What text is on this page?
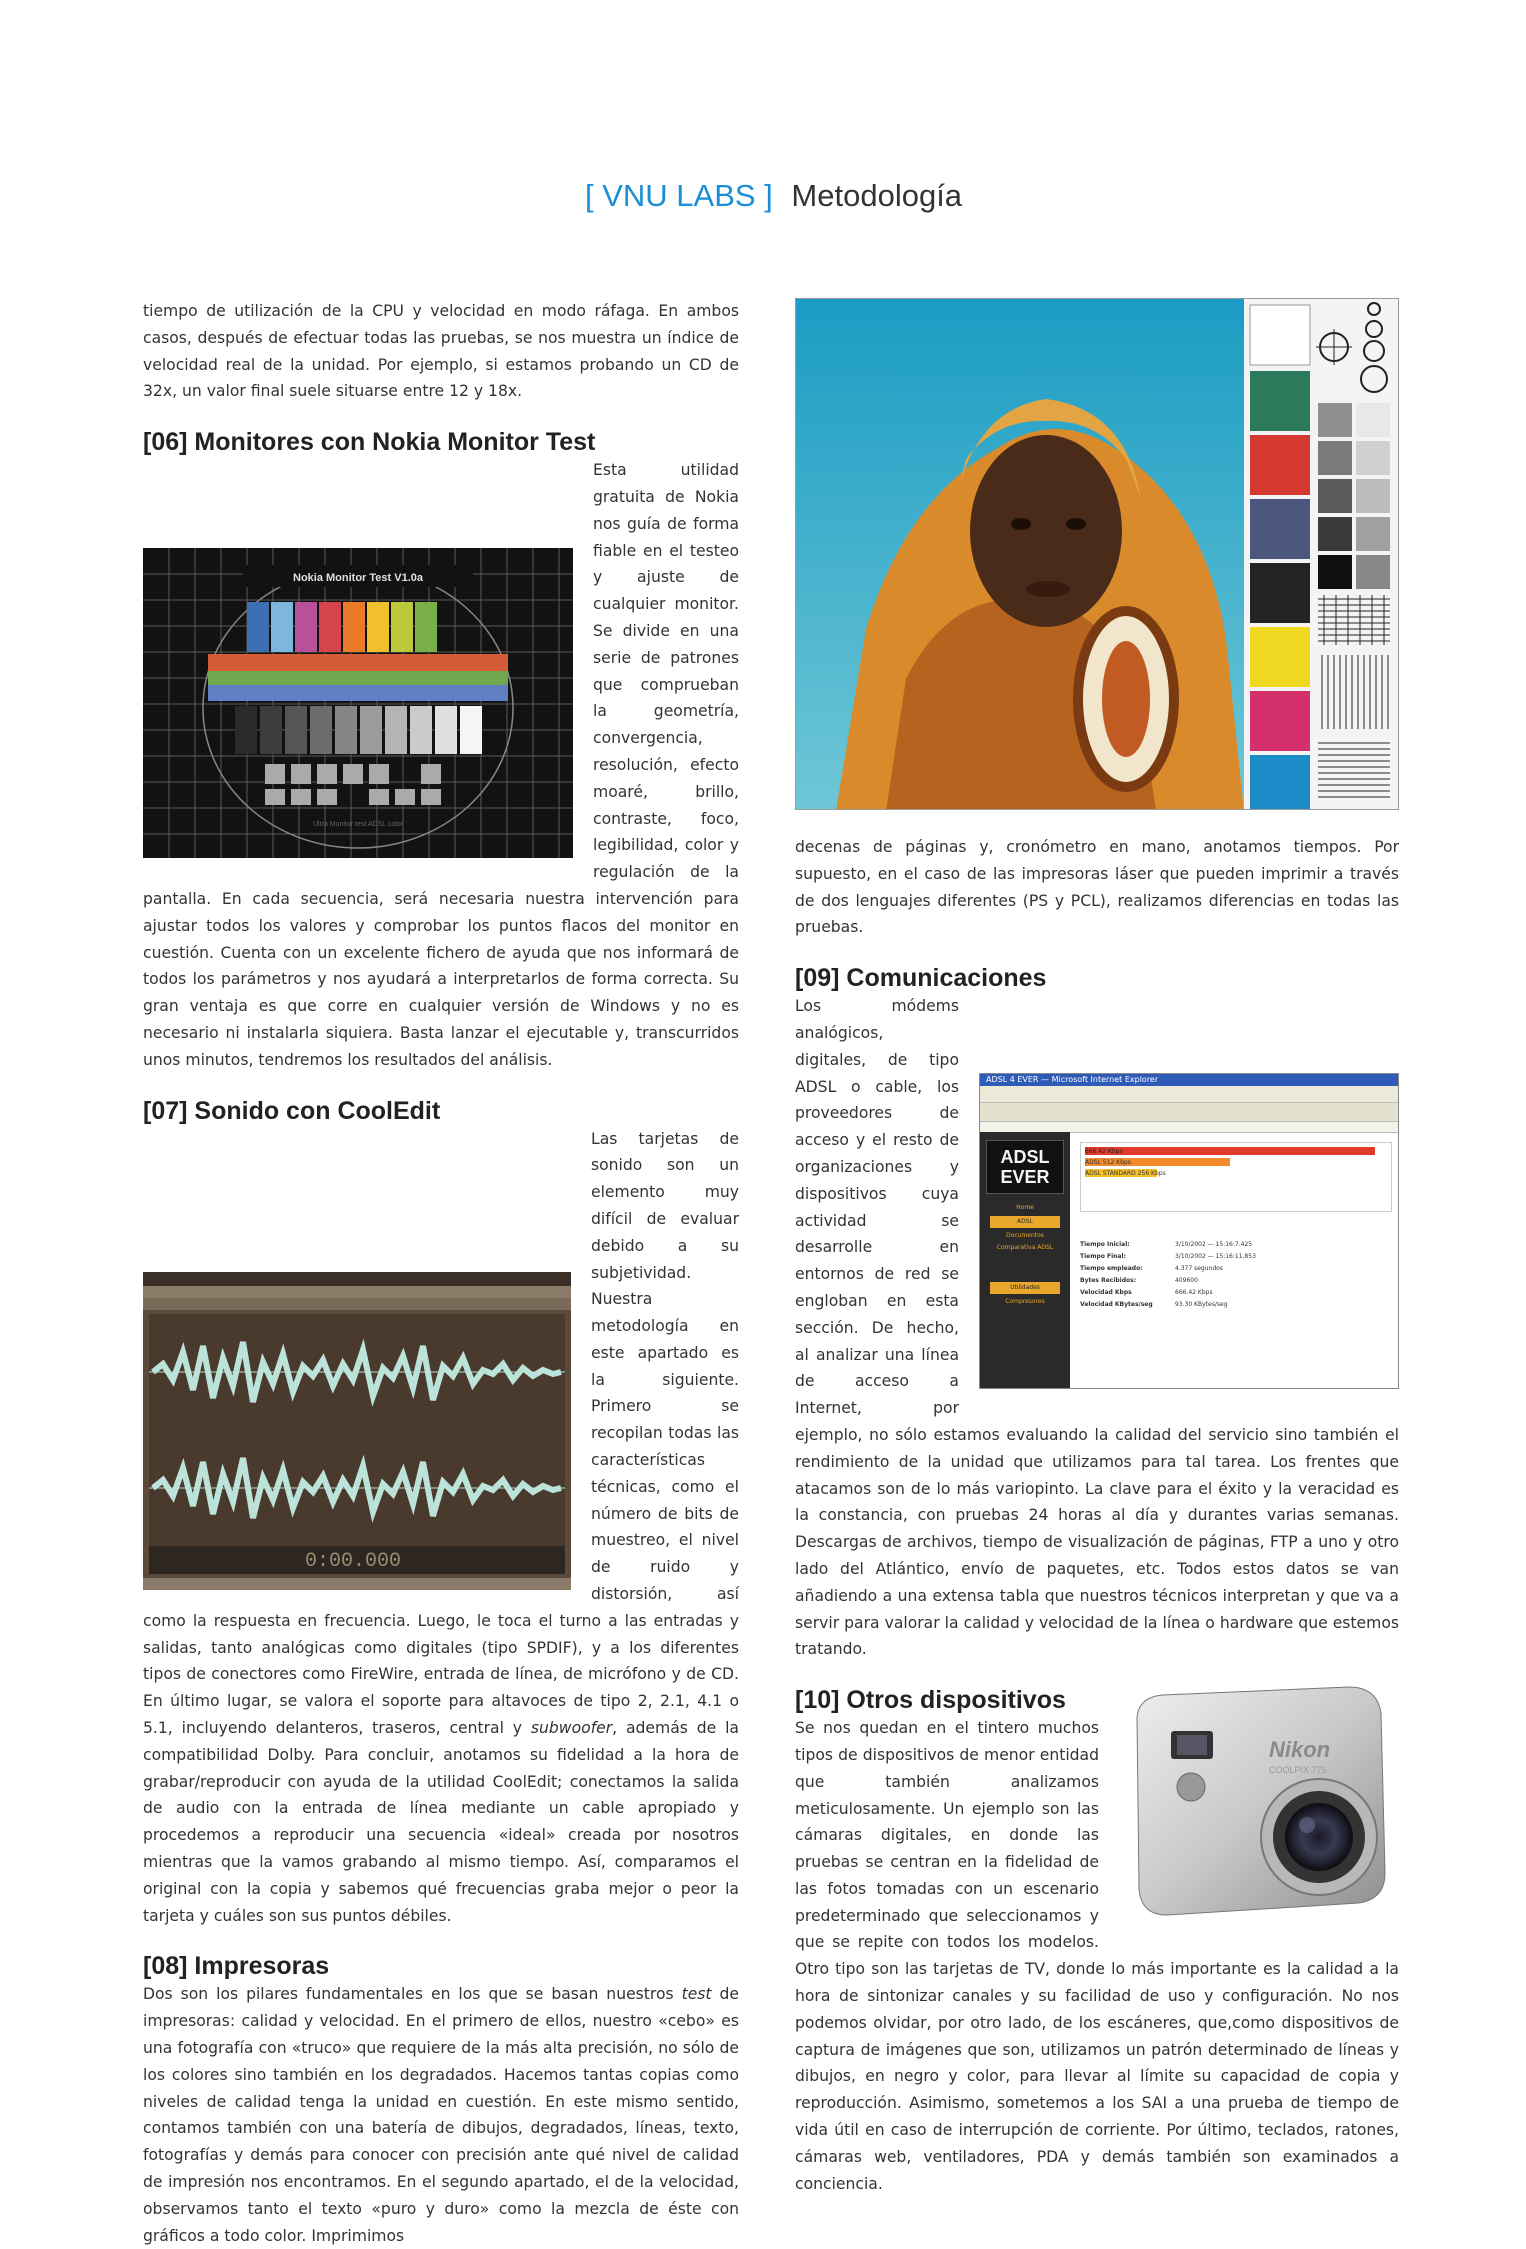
[ VNU LABS ] Metodología

tiempo de utilización de la CPU y velocidad en modo ráfaga. En ambos casos, después de efectuar todas las pruebas, se nos muestra un índice de velocidad real de la unidad. Por ejemplo, si estamos probando un CD de 32x, un valor final suele situarse entre 12 y 18x.

[06] Monitores con Nokia Monitor Test
Nokia Monitor Test V1.0a
Ultra Monitor test ADSL color

Esta utilidad gratuita de Nokia nos guía de forma fiable en el testeo y ajuste de cualquier monitor. Se divide en una serie de patrones que comprueban la geometría, convergencia, resolución, efecto moaré, brillo, contraste, foco, legibilidad, color y regulación de la pantalla. En cada secuencia, será necesaria nuestra intervención para ajustar todos los valores y comprobar los puntos flacos del monitor en cuestión. Cuenta con un excelente fichero de ayuda que nos informará de todos los parámetros y nos ayudará a interpretarlos de forma correcta. Su gran ventaja es que corre en cualquier versión de Windows y no es necesario ni instalarla siquiera. Basta lanzar el ejecutable y, transcurridos unos minutos, tendremos los resultados del análisis.

[07] Sonido con CoolEdit
0:00.000

Las tarjetas de sonido son un elemento muy difícil de evaluar debido a su subjetividad. Nuestra metodología en este apartado es la siguiente. Primero se recopilan todas las características técnicas, como el número de bits de muestreo, el nivel de ruido y distorsión, así como la respuesta en frecuencia. Luego, le toca el turno a las entradas y salidas, tanto analógicas como digitales (tipo SPDIF), y a los diferentes tipos de conectores como FireWire, entrada de línea, de micrófono y de CD. En último lugar, se valora el soporte para altavoces de tipo 2, 2.1, 4.1 o 5.1, incluyendo delanteros, traseros, central y subwoofer, además de la compatibilidad Dolby. Para concluir, anotamos su fidelidad a la hora de grabar/reproducir con ayuda de la utilidad CoolEdit; conectamos la salida de audio con la entrada de línea mediante un cable apropiado y procedemos a reproducir una secuencia «ideal» creada por nosotros mientras que la vamos grabando al mismo tiempo. Así, comparamos el original con la copia y sabemos qué frecuencias graba mejor o peor la tarjeta y cuáles son sus puntos débiles.

[08] Impresoras

Dos son los pilares fundamentales en los que se basan nuestros test de impresoras: calidad y velocidad. En el primero de ellos, nuestro «cebo» es una fotografía con «truco» que requiere de la más alta precisión, no sólo de los colores sino también en los degradados. Hacemos tantas copias como niveles de calidad tenga la unidad en cuestión. En este mismo sentido, contamos también con una batería de dibujos, degradados, líneas, texto, fotografías y demás para conocer con precisión ante qué nivel de calidad de impresión nos encontramos. En el segundo apartado, el de la velocidad, observamos tanto el texto «puro y duro» como la mezcla de éste con gráficos a todo color. Imprimimos

decenas de páginas y, cronómetro en mano, anotamos tiempos. Por supuesto, en el caso de las impresoras láser que pueden imprimir a través de dos lenguajes diferentes (PS y PCL), realizamos diferencias en todas las pruebas.

[09] Comunicaciones
ADSL 4 EVER — Microsoft Internet Explorer
ADSL
EVER
Home
ADSL
Documentos
Comparativa ADSL
Utilidades
Compresores
666.42 Kbps
ADSL 512 Kbps
ADSL STANDARD 256 Kbps
Tiempo Inicial:	3/10/2002 — 15:16:7.425
Tiempo Final:	3/10/2002 — 15:16:11.853
Tiempo empleado:	4.377 segundos
Bytes Recibidos:	409600
Velocidad Kbps	666.42 Kbps
Velocidad KBytes/seg	93.30 KBytes/seg

Los módems analógicos, digitales, de tipo ADSL o cable, los proveedores de acceso y el resto de organizaciones y dispositivos cuya actividad se desarrolle en entornos de red se engloban en esta sección. De hecho, al analizar una línea de acceso a Internet, por ejemplo, no sólo estamos evaluando la calidad del servicio sino también el rendimiento de la unidad que utilizamos para tal tarea. Los frentes que atacamos son de lo más variopinto. La clave para el éxito y la veracidad es la constancia, con pruebas 24 horas al día y durantes varias semanas. Descargas de archivos, tiempo de visualización de páginas, FTP a uno y otro lado del Atlántico, envío de paquetes, etc. Todos estos datos se van añadiendo a una extensa tabla que nuestros técnicos interpretan y que va a servir para valorar la calidad y velocidad de la línea o hardware que estemos tratando.

[10] Otros dispositivos
Nikon
COOLPIX 775

Se nos quedan en el tintero muchos tipos de dispositivos de menor entidad que también analizamos meticulosamente. Un ejemplo son las cámaras digitales, en donde las pruebas se centran en la fidelidad de las fotos tomadas con un escenario predeterminado que seleccionamos y que se repite con todos los modelos. Otro tipo son las tarjetas de TV, donde lo más importante es la calidad a la hora de sintonizar canales y su facilidad de uso y configuración. No nos podemos olvidar, por otro lado, de los escáneres, que,como dispositivos de captura de imágenes que son, utilizamos un patrón determinado de líneas y dibujos, en negro y color, para llevar al límite su capacidad de copia y reproducción. Asimismo, sometemos a los SAI a una prueba de tiempo de vida útil en caso de interrupción de corriente. Por último, teclados, ratones, cámaras web, ventiladores, PDA y demás también son examinados a conciencia.
